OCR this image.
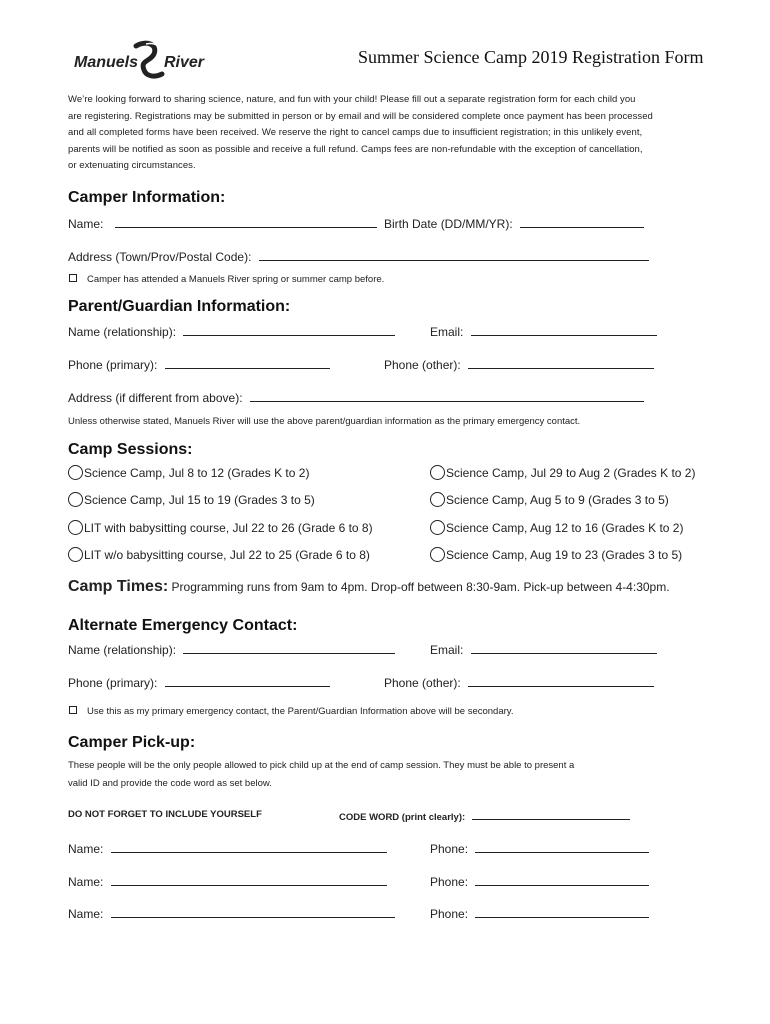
Manuels River	Summer Science Camp 2019 Registration Form
We’re looking forward to sharing science, nature, and fun with your child! Please fill out a separate registration form for each child you
are registering. Registrations may be submitted in person or by email and will be considered complete once payment has been processed
and all completed forms have been received. We reserve the right to cancel camps due to insufficient registration; in this unlikely event,
parents will be notified as soon as possible and receive a full refund. Camps fees are non-refundable with the exception of cancellation,
or extenuating circumstances.
Camper Information:
Name:	Birth Date (DD/MM/YR):
Address (Town/Prov/Postal Code):
Camper has attended a Manuels River spring or summer camp before.
Parent/Guardian Information:
Name (relationship):	Email:
Phone (primary):	Phone (other):
Address (if different from above):
Unless otherwise stated, Manuels River will use the above parent/guardian information as the primary emergency contact.
Camp Sessions:
Science Camp, Jul 8 to 12 (Grades K to 2)
Science Camp, Jul 15 to 19 (Grades 3 to 5)
LIT with babysitting course, Jul 22 to 26 (Grade 6 to 8)
LIT w/o babysitting course, Jul 22 to 25 (Grade 6 to 8)
Science Camp, Jul 29 to Aug 2 (Grades K to 2)
Science Camp, Aug 5 to 9 (Grades 3 to 5)
Science Camp, Aug 12 to 16 (Grades K to 2)
Science Camp, Aug 19 to 23 (Grades 3 to 5)
Camp Times: Programming runs from 9am to 4pm. Drop-off between 8:30-9am. Pick-up between 4-4:30pm.
Alternate Emergency Contact:
Name (relationship):	Email:
Phone (primary):	Phone (other):
Use this as my primary emergency contact, the Parent/Guardian Information above will be secondary.
Camper Pick-up:
These people will be the only people allowed to pick child up at the end of camp session. They must be able to present a
valid ID and provide the code word as set below.
DO NOT FORGET TO INCLUDE YOURSELF	CODE WORD (print clearly):
Name:	Phone:
Name:	Phone:
Name:	Phone:
